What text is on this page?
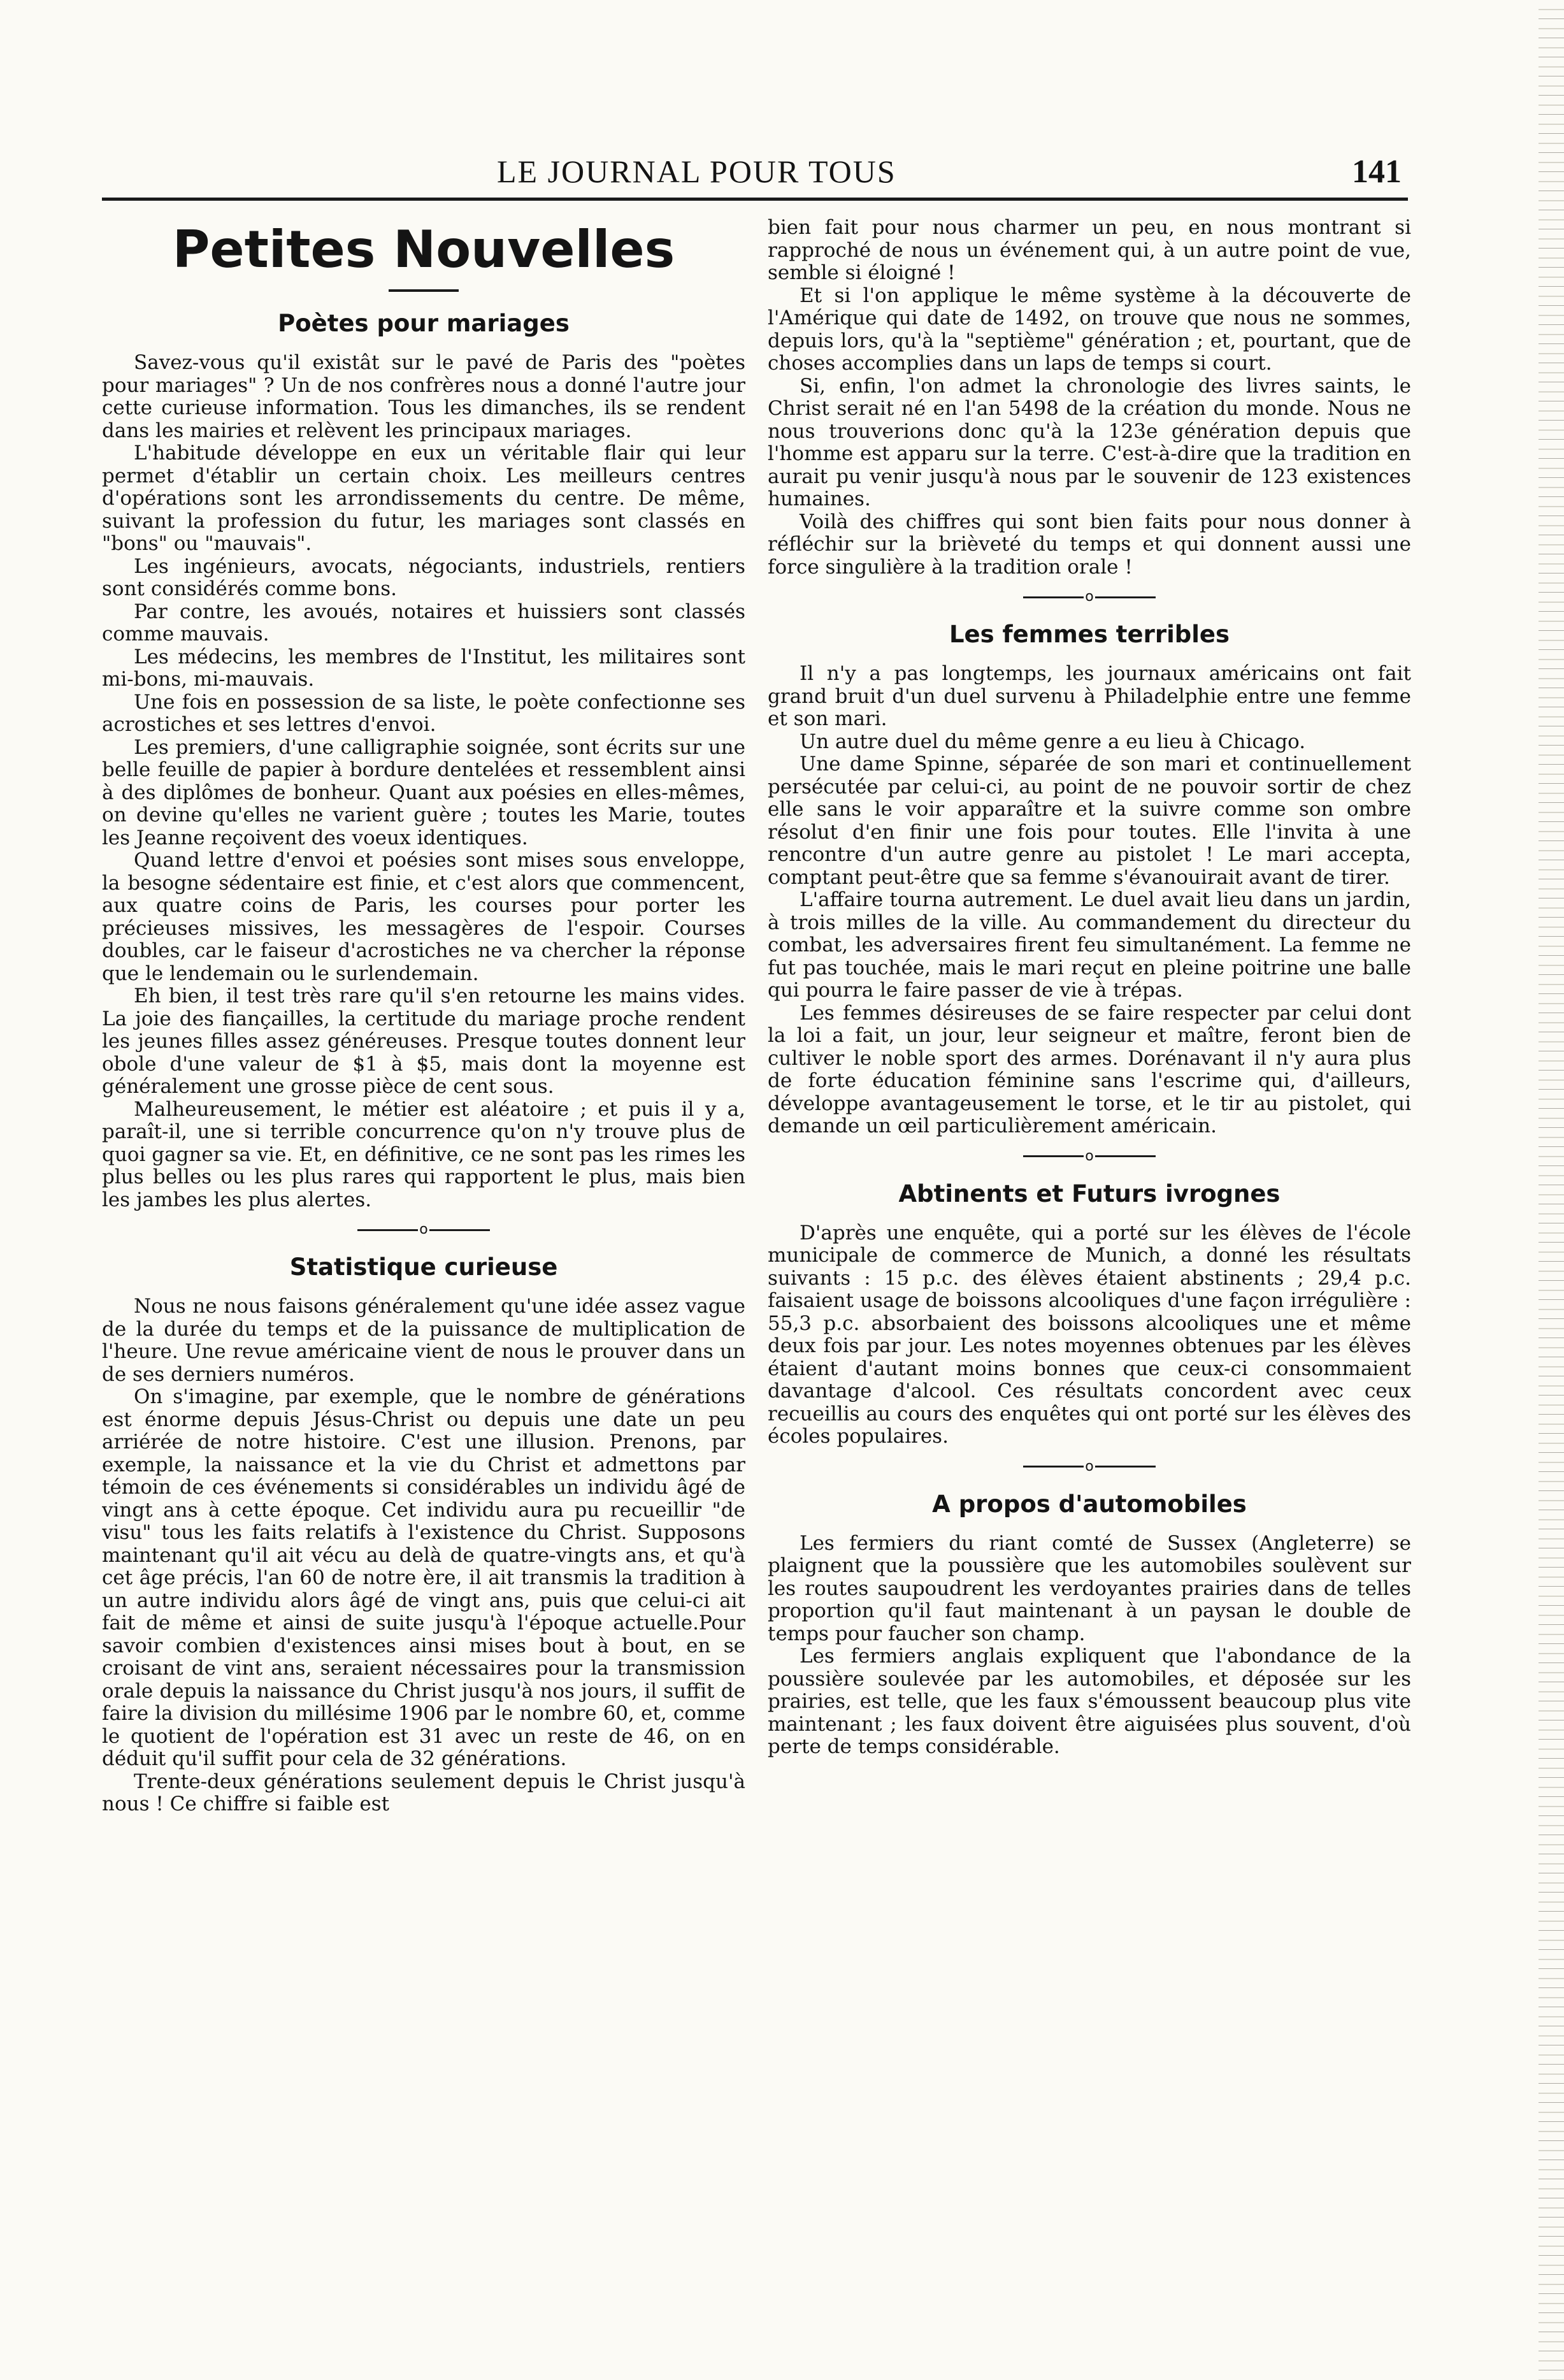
LE JOURNAL POUR TOUS	141
Petites Nouvelles
Poètes pour mariages

Savez-vous qu'il existât sur le pavé de Paris des "poètes pour mariages" ? Un de nos confrères nous a donné l'autre jour cette curieuse information. Tous les dimanches, ils se rendent dans les mairies et relèvent les principaux mariages.

L'habitude développe en eux un véritable flair qui leur permet d'établir un certain choix. Les meilleurs centres d'opérations sont les arrondissements du centre. De même, suivant la profession du futur, les mariages sont classés en "bons" ou "mauvais".

Les ingénieurs, avocats, négociants, industriels, rentiers sont considérés comme bons.

Par contre, les avoués, notaires et huissiers sont classés comme mauvais.

Les médecins, les membres de l'Institut, les militaires sont mi-bons, mi-mauvais.

Une fois en possession de sa liste, le poète confectionne ses acrostiches et ses lettres d'envoi.

Les premiers, d'une calligraphie soignée, sont écrits sur une belle feuille de papier à bordure dentelées et ressemblent ainsi à des diplômes de bonheur. Quant aux poésies en elles-mêmes, on devine qu'elles ne varient guère ; toutes les Marie, toutes les Jeanne reçoivent des voeux identiques.

Quand lettre d'envoi et poésies sont mises sous enveloppe, la besogne sédentaire est finie, et c'est alors que commencent, aux quatre coins de Paris, les courses pour porter les précieuses missives, les messagères de l'espoir. Courses doubles, car le faiseur d'acrostiches ne va chercher la réponse que le lendemain ou le surlendemain.

Eh bien, il test très rare qu'il s'en retourne les mains vides. La joie des fiançailles, la certitude du mariage proche rendent les jeunes filles assez généreuses. Presque toutes donnent leur obole d'une valeur de $1 à $5, mais dont la moyenne est généralement une grosse pièce de cent sous.

Malheureusement, le métier est aléatoire ; et puis il y a, paraît-il, une si terrible concurrence qu'on n'y trouve plus de quoi gagner sa vie. Et, en définitive, ce ne sont pas les rimes les plus belles ou les plus rares qui rapportent le plus, mais bien les jambes les plus alertes.

o
Statistique curieuse

Nous ne nous faisons généralement qu'une idée assez vague de la durée du temps et de la puissance de multiplication de l'heure. Une revue américaine vient de nous le prouver dans un de ses derniers numéros.

On s'imagine, par exemple, que le nombre de générations est énorme depuis Jésus-Christ ou depuis une date un peu arriérée de notre histoire. C'est une illusion. Prenons, par exemple, la naissance et la vie du Christ et admettons par témoin de ces événements si considérables un individu âgé de vingt ans à cette époque. Cet individu aura pu recueillir "de visu" tous les faits relatifs à l'existence du Christ. Supposons maintenant qu'il ait vécu au delà de quatre-vingts ans, et qu'à cet âge précis, l'an 60 de notre ère, il ait transmis la tradition à un autre individu alors âgé de vingt ans, puis que celui-ci ait fait de même et ainsi de suite jusqu'à l'époque actuelle.Pour savoir combien d'existences ainsi mises bout à bout, en se croisant de vint ans, seraient nécessaires pour la transmission orale depuis la naissance du Christ jusqu'à nos jours, il suffit de faire la division du millésime 1906 par le nombre 60, et, comme le quotient de l'opération est 31 avec un reste de 46, on en déduit qu'il suffit pour cela de 32 générations.

Trente-deux générations seulement depuis le Christ jusqu'à nous ! Ce chiffre si faible est

bien fait pour nous charmer un peu, en nous montrant si rapproché de nous un événement qui, à un autre point de vue, semble si éloigné !

Et si l'on applique le même système à la découverte de l'Amérique qui date de 1492, on trouve que nous ne sommes, depuis lors, qu'à la "septième" génération ; et, pourtant, que de choses accomplies dans un laps de temps si court.

Si, enfin, l'on admet la chronologie des livres saints, le Christ serait né en l'an 5498 de la création du monde. Nous ne nous trouverions donc qu'à la 123e génération depuis que l'homme est apparu sur la terre. C'est-à-dire que la tradition en aurait pu venir jusqu'à nous par le souvenir de 123 existences humaines.

Voilà des chiffres qui sont bien faits pour nous donner à réfléchir sur la brièveté du temps et qui donnent aussi une force singulière à la tradition orale !

o
Les femmes terribles

Il n'y a pas longtemps, les journaux américains ont fait grand bruit d'un duel survenu à Philadelphie entre une femme et son mari.

Un autre duel du même genre a eu lieu à Chicago.

Une dame Spinne, séparée de son mari et continuellement persécutée par celui-ci, au point de ne pouvoir sortir de chez elle sans le voir apparaître et la suivre comme son ombre résolut d'en finir une fois pour toutes. Elle l'invita à une rencontre d'un autre genre au pistolet ! Le mari accepta, comptant peut-être que sa femme s'évanouirait avant de tirer.

L'affaire tourna autrement. Le duel avait lieu dans un jardin, à trois milles de la ville. Au commandement du directeur du combat, les adversaires firent feu simultanément. La femme ne fut pas touchée, mais le mari reçut en pleine poitrine une balle qui pourra le faire passer de vie à trépas.

Les femmes désireuses de se faire respecter par celui dont la loi a fait, un jour, leur seigneur et maître, feront bien de cultiver le noble sport des armes. Dorénavant il n'y aura plus de forte éducation féminine sans l'escrime qui, d'ailleurs, développe avantageusement le torse, et le tir au pistolet, qui demande un œil particulièrement américain.

o
Abtinents et Futurs ivrognes

D'après une enquête, qui a porté sur les élèves de l'école municipale de commerce de Munich, a donné les résultats suivants : 15 p.c. des élèves étaient abstinents ; 29,4 p.c. faisaient usage de boissons alcooliques d'une façon irrégulière : 55,3 p.c. absorbaient des boissons alcooliques une et même deux fois par jour. Les notes moyennes obtenues par les élèves étaient d'autant moins bonnes que ceux-ci consommaient davantage d'alcool. Ces résultats concordent avec ceux recueillis au cours des enquêtes qui ont porté sur les élèves des écoles populaires.

o
A propos d'automobiles

Les fermiers du riant comté de Sussex (Angleterre) se plaignent que la poussière que les automobiles soulèvent sur les routes saupoudrent les verdoyantes prairies dans de telles proportion qu'il faut maintenant à un paysan le double de temps pour faucher son champ.

Les fermiers anglais expliquent que l'abondance de la poussière soulevée par les automobiles, et déposée sur les prairies, est telle, que les faux s'émoussent beaucoup plus vite maintenant ; les faux doivent être aiguisées plus souvent, d'où perte de temps considérable.
